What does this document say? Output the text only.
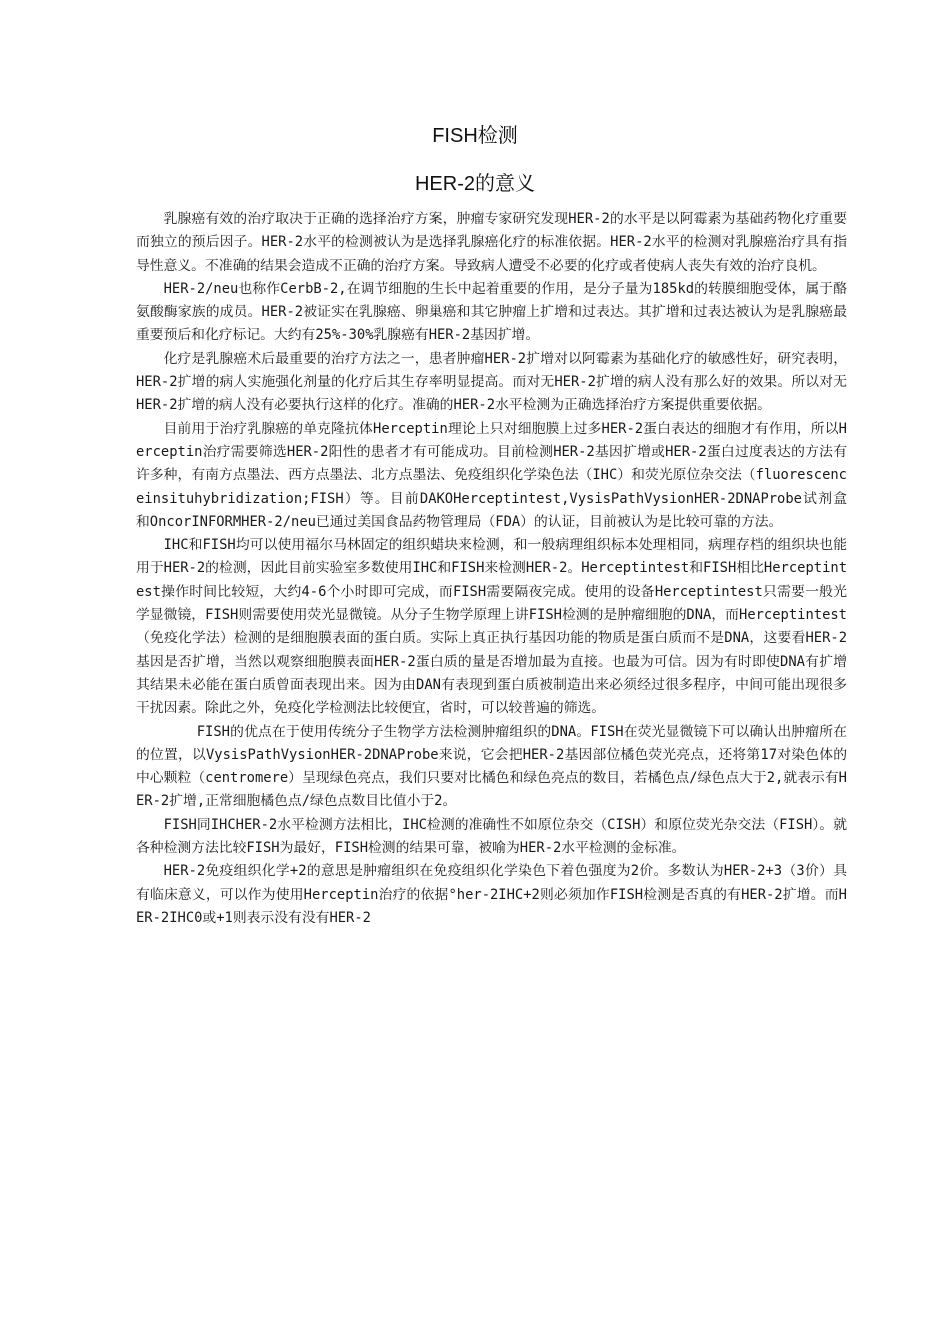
FISH检测
HER-2的意义

乳腺癌有效的治疗取决于正确的选择治疗方案，肿瘤专家研究发现HER-2的水平是以阿霉素为基础药物化疗重要而独立的预后因子。HER-2水平的检测被认为是选择乳腺癌化疗的标准依据。HER-2水平的检测对乳腺癌治疗具有指导性意义。不准确的结果会造成不正确的治疗方案。导致病人遭受不必要的化疗或者使病人丧失有效的治疗良机。

HER-2/neu也称作CerbB-2,在调节细胞的生长中起着重要的作用，是分子量为185kd的转膜细胞受体，属于酪氨酸酶家族的成员。HER-2被证实在乳腺癌、卵巢癌和其它肿瘤上扩增和过表达。其扩增和过表达被认为是乳腺癌最重要预后和化疗标记。大约有25%-30%乳腺癌有HER-2基因扩增。

化疗是乳腺癌术后最重要的治疗方法之一，患者肿瘤HER-2扩增对以阿霉素为基础化疗的敏感性好，研究表明，HER-2扩增的病人实施强化剂量的化疗后其生存率明显提高。而对无HER-2扩增的病人没有那么好的效果。所以对无HER-2扩增的病人没有必要执行这样的化疗。准确的HER-2水平检测为正确选择治疗方案提供重要依据。

目前用于治疗乳腺癌的单克隆抗体Herceptin理论上只对细胞膜上过多HER-2蛋白表达的细胞才有作用，所以Herceptin治疗需要筛选HER-2阳性的患者才有可能成功。目前检测HER-2基因扩增或HER-2蛋白过度表达的方法有许多种，有南方点墨法、西方点墨法、北方点墨法、免疫组织化学染色法（IHC）和荧光原位杂交法（fluorescenceinsituhybridization;FISH）等。目前DAKOHerceptintest,VysisPathVysionHER-2DNAProbe试剂盒和OncorINFORMHER-2/neu已通过美国食品药物管理局（FDA）的认证，目前被认为是比较可靠的方法。

IHC和FISH均可以使用福尔马林固定的组织蜡块来检测，和一般病理组织标本处理相同，病理存档的组织块也能用于HER-2的检测，因此目前实验室多数使用IHC和FISH来检测HER-2。Herceptintest和FISH相比Herceptintest操作时间比较短，大约4-6个小时即可完成，而FISH需要隔夜完成。使用的设备Herceptintest只需要一般光学显微镜，FISH则需要使用荧光显微镜。从分子生物学原理上讲FISH检测的是肿瘤细胞的DNA，而Herceptintest（免疫化学法）检测的是细胞膜表面的蛋白质。实际上真正执行基因功能的物质是蛋白质而不是DNA，这要看HER-2基因是否扩增，当然以观察细胞膜表面HER-2蛋白质的量是否增加最为直接。也最为可信。因为有时即使DNA有扩增其结果未必能在蛋白质曾面表现出来。因为由DAN有表现到蛋白质被制造出来必须经过很多程序，中间可能出现很多干扰因素。除此之外，免疫化学检测法比较便宜，省时，可以较普遍的筛选。

FISH的优点在于使用传统分子生物学方法检测肿瘤组织的DNA。FISH在荧光显微镜下可以确认出肿瘤所在的位置，以VysisPathVysionHER-2DNAProbe来说，它会把HER-2基因部位橘色荧光亮点，还将第17对染色体的中心颗粒（centromere）呈现绿色亮点，我们只要对比橘色和绿色亮点的数目，若橘色点/绿色点大于2,就表示有HER-2扩增,正常细胞橘色点/绿色点数目比值小于2。

FISH同IHCHER-2水平检测方法相比，IHC检测的准确性不如原位杂交（CISH）和原位荧光杂交法（FISH）。就各种检测方法比较FISH为最好，FISH检测的结果可靠，被喻为HER-2水平检测的金标准。

HER-2免疫组织化学+2的意思是肿瘤组织在免疫组织化学染色下着色强度为2价。多数认为HER-2+3（3价）具有临床意义，可以作为使用Herceptin治疗的依据°her-2IHC+2则必须加作FISH检测是否真的有HER-2扩增。而HER-2IHC0或+1则表示没有没有HER-2
